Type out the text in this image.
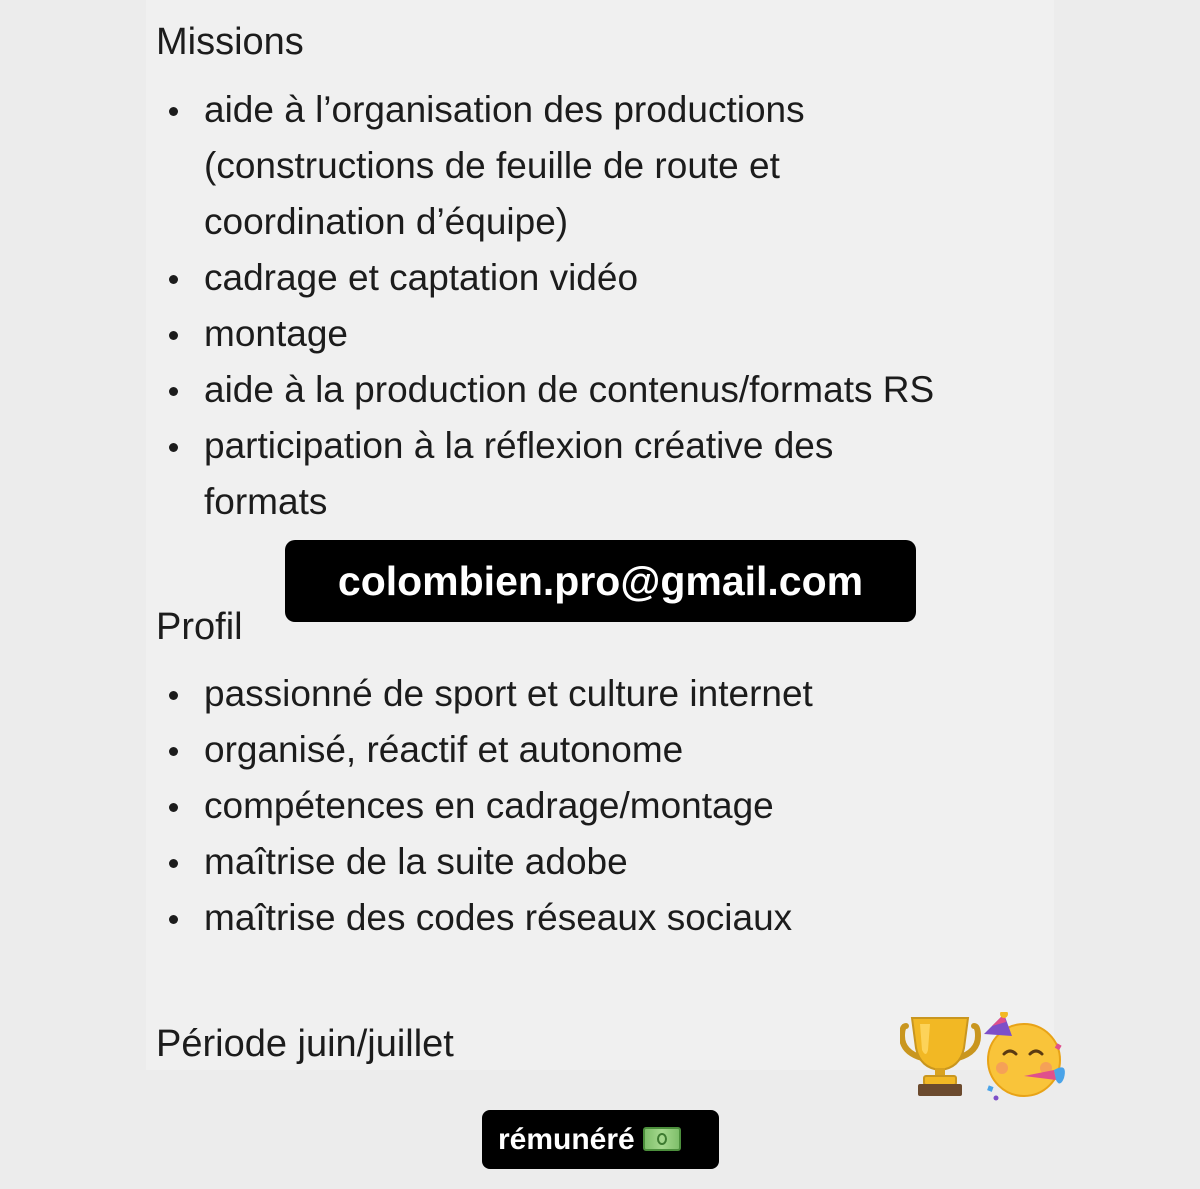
Missions
aide à l’organisation des productions
(constructions de feuille de route et
coordination d’équipe)
cadrage et captation vidéo
montage
aide à la production de contenus/formats RS
participation à la réflexion créative des
formats
Profil
colombien.pro@gmail.com
passionné de sport et culture internet
organisé, réactif et autonome
compétences en cadrage/montage
maîtrise de la suite adobe
maîtrise des codes réseaux sociaux
Période juin/juillet
rémunéré
